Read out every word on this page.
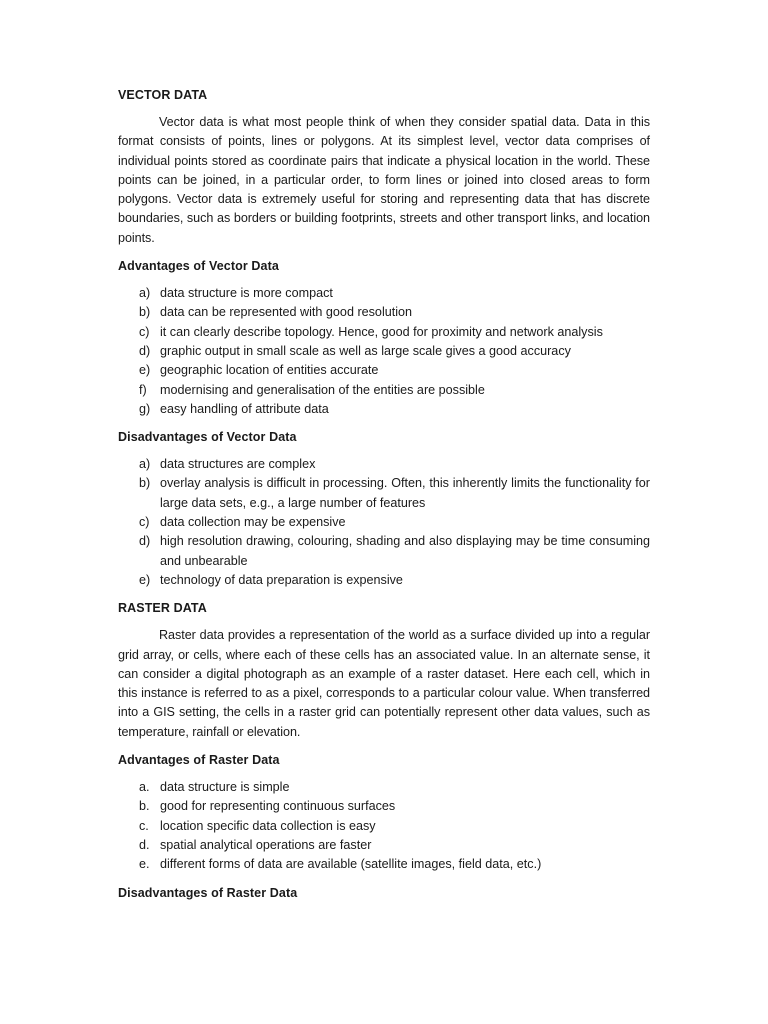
VECTOR DATA

Vector data is what most people think of when they consider spatial data. Data in this format consists of points, lines or polygons. At its simplest level, vector data comprises of individual points stored as coordinate pairs that indicate a physical location in the world. These points can be joined, in a particular order, to form lines or joined into closed areas to form polygons. Vector data is extremely useful for storing and representing data that has discrete boundaries, such as borders or building footprints, streets and other transport links, and location points.

Advantages of Vector Data
a) data structure is more compact
b) data can be represented with good resolution
c) it can clearly describe topology. Hence, good for proximity and network analysis
d) graphic output in small scale as well as large scale gives a good accuracy
e) geographic location of entities accurate
f) modernising and generalisation of the entities are possible
g) easy handling of attribute data
Disadvantages of Vector Data
a) data structures are complex
b) overlay analysis is difficult in processing. Often, this inherently limits the functionality for large data sets, e.g., a large number of features
c) data collection may be expensive
d) high resolution drawing, colouring, shading and also displaying may be time consuming and unbearable
e) technology of data preparation is expensive
RASTER DATA

Raster data provides a representation of the world as a surface divided up into a regular grid array, or cells, where each of these cells has an associated value. In an alternate sense, it can consider a digital photograph as an example of a raster dataset. Here each cell, which in this instance is referred to as a pixel, corresponds to a particular colour value. When transferred into a GIS setting, the cells in a raster grid can potentially represent other data values, such as temperature, rainfall or elevation.

Advantages of Raster Data
a. data structure is simple
b. good for representing continuous surfaces
c. location specific data collection is easy
d. spatial analytical operations are faster
e. different forms of data are available (satellite images, field data, etc.)
Disadvantages of Raster Data
